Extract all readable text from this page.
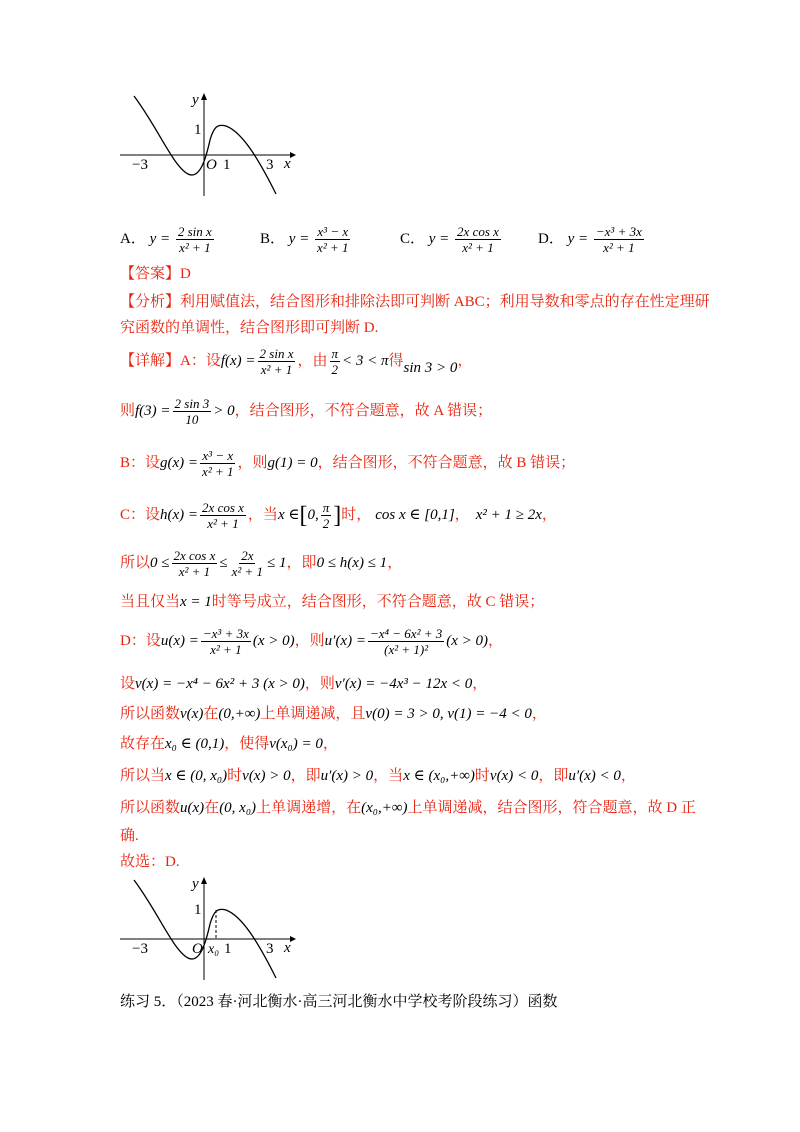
y
x
O
−3	1 3
1
A． $y = \frac{\text{2 sin x}}{\text{x² + 1}}$	B． $y = \frac{\text{x³ − x}}{\text{x² + 1}}$	C． $y = \frac{\text{2x cos x}}{\text{x² + 1}}$ D． $y = \frac{\text{−x³ + 3x}}{\text{x² + 1}}$
【答案】D
【分析】利用赋值法，结合图形和排除法即可判断 ABC；利用导数和零点的存在性定理研
究函数的单调性，结合图形即可判断 D.
【详解】A：设$f(x) = \frac{\text{2 sin x}}{\text{x² + 1}}$ ，由 $\frac{\pi}{2} < 3 < \pi$得sin 3 > 0，
则$f(3) = \frac{2 \sin 3}{10} > 0$，结合图形，不符合题意，故 A 错误；
B：设$g(x) = \frac{\text{x³ − x}}{\text{x² + 1}}$ ，则g(1) = 0，结合图形，不符合题意，故 B 错误；
C：设$h(x) = \frac{\text{2x cos x}}{\text{x² + 1}}$ ，当x ∈[0, $\frac{\pi}{2}$ ]时， cos x ∈ [0,1]， x² + 1 ≥ 2x，
所以$0 \le \frac{\text{2x cos x}}{\text{x² + 1}} \le \frac{2x}{\text{x² + 1}} \le 1$，即0 ≤ h(x) ≤ 1，
当且仅当x = 1时等号成立，结合图形，不符合题意，故 C 错误；
D：设$u(x) = \frac{\text{−x³ + 3x}}{\text{x² + 1}} (x > 0)$，则$u'(x) = \frac{\text{−x⁴ − 6x² + 3}}{\text{(x² + 1)²}} (x > 0)$，
设v(x) = −x⁴ − 6x² + 3 (x > 0)，则v′(x) = −4x³ − 12x < 0，
所以函数v(x)在(0,+∞)上单调递减，且v(0) = 3 > 0, v(1) = −4 < 0，
故存在x₀ ∈ (0,1)，使得v(x₀) = 0，
所以当x ∈ (0, x₀)时v(x) > 0，即u′(x) > 0，当x ∈ (x₀,+∞)时v(x) < 0，即u′(x) < 0，
所以函数u(x)在(0, x₀)上单调递增，在(x₀,+∞)上单调递减，结合图形，符合题意，故 D 正
确.
故选：D.
y
x
O
−3	x₀ 1 3
1
练习 5．（2023 春·河北衡水·高三河北衡水中学校考阶段练习）函数
